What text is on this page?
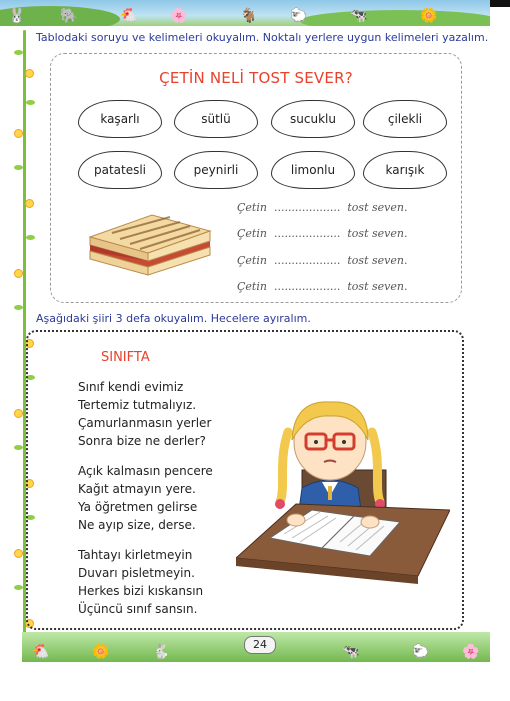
🐰 🐘	🐔 🌸	🐐 🐑	🐄	🌼
Tablodaki soruyu ve kelimeleri okuyalım. Noktalı yerlere uygun kelimeleri yazalım.
ÇETİN NELİ TOST SEVER?
kaşarlı	sütlü	sucuklu	çilekli
patatesli	peynirli	limonlu	karışık
Çetin ................... tost seven.
Çetin ................... tost seven.
Çetin ................... tost seven.
Çetin ................... tost seven.
Aşağıdaki şiiri 3 defa okuyalım. Hecelere ayıralım.
SINIFTA
Sınıf kendi evimiz
Tertemiz tutmalıyız.
Çamurlanmasın yerler
Sonra bize ne derler?
Açık kalmasın pencere
Kağıt atmayın yere.
Ya öğretmen gelirse
Ne ayıp size, derse.
Tahtayı kirletmeyin
Duvarı pisletmeyin.
Herkes bizi kıskansın
Üçüncü sınıf sansın.
🐔	🌼	🐇	🐄	🐑 🌸
24
